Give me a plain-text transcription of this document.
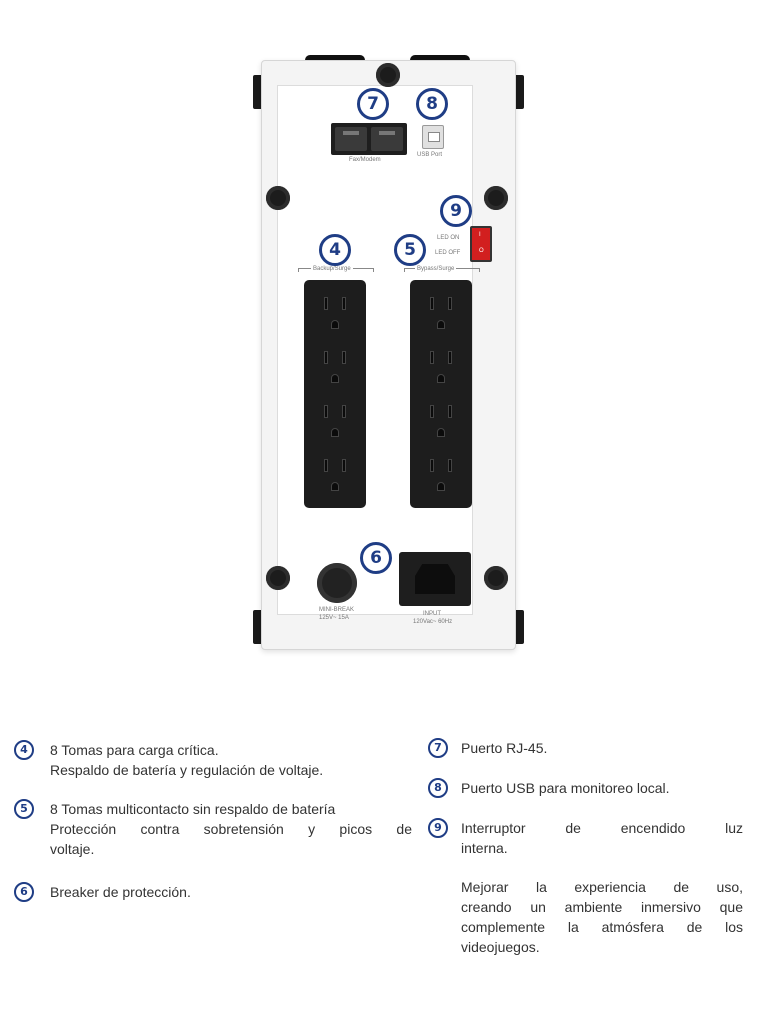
Fax/Modem
USB Port
LED ON
LED OFF
I
O
Backup/Surge	Bypass/Surge
MINI-BREAK
125V~ 15A
INPUT
120Vac~ 60Hz
7	8
9
4	5
6
4	8 Tomas para carga crítica.
Respaldo de batería y regulación de voltaje.
5	8 Tomas multicontacto sin respaldo de batería
Protección contra sobretensión y picos de
voltaje.
6	Breaker de protección.
7	Puerto RJ-45.
8	Puerto USB para monitoreo local.
9	Interruptor de encendido luz
interna.
Mejorar la experiencia de uso,
creando un ambiente inmersivo que
complemente la atmósfera de los
videojuegos.
